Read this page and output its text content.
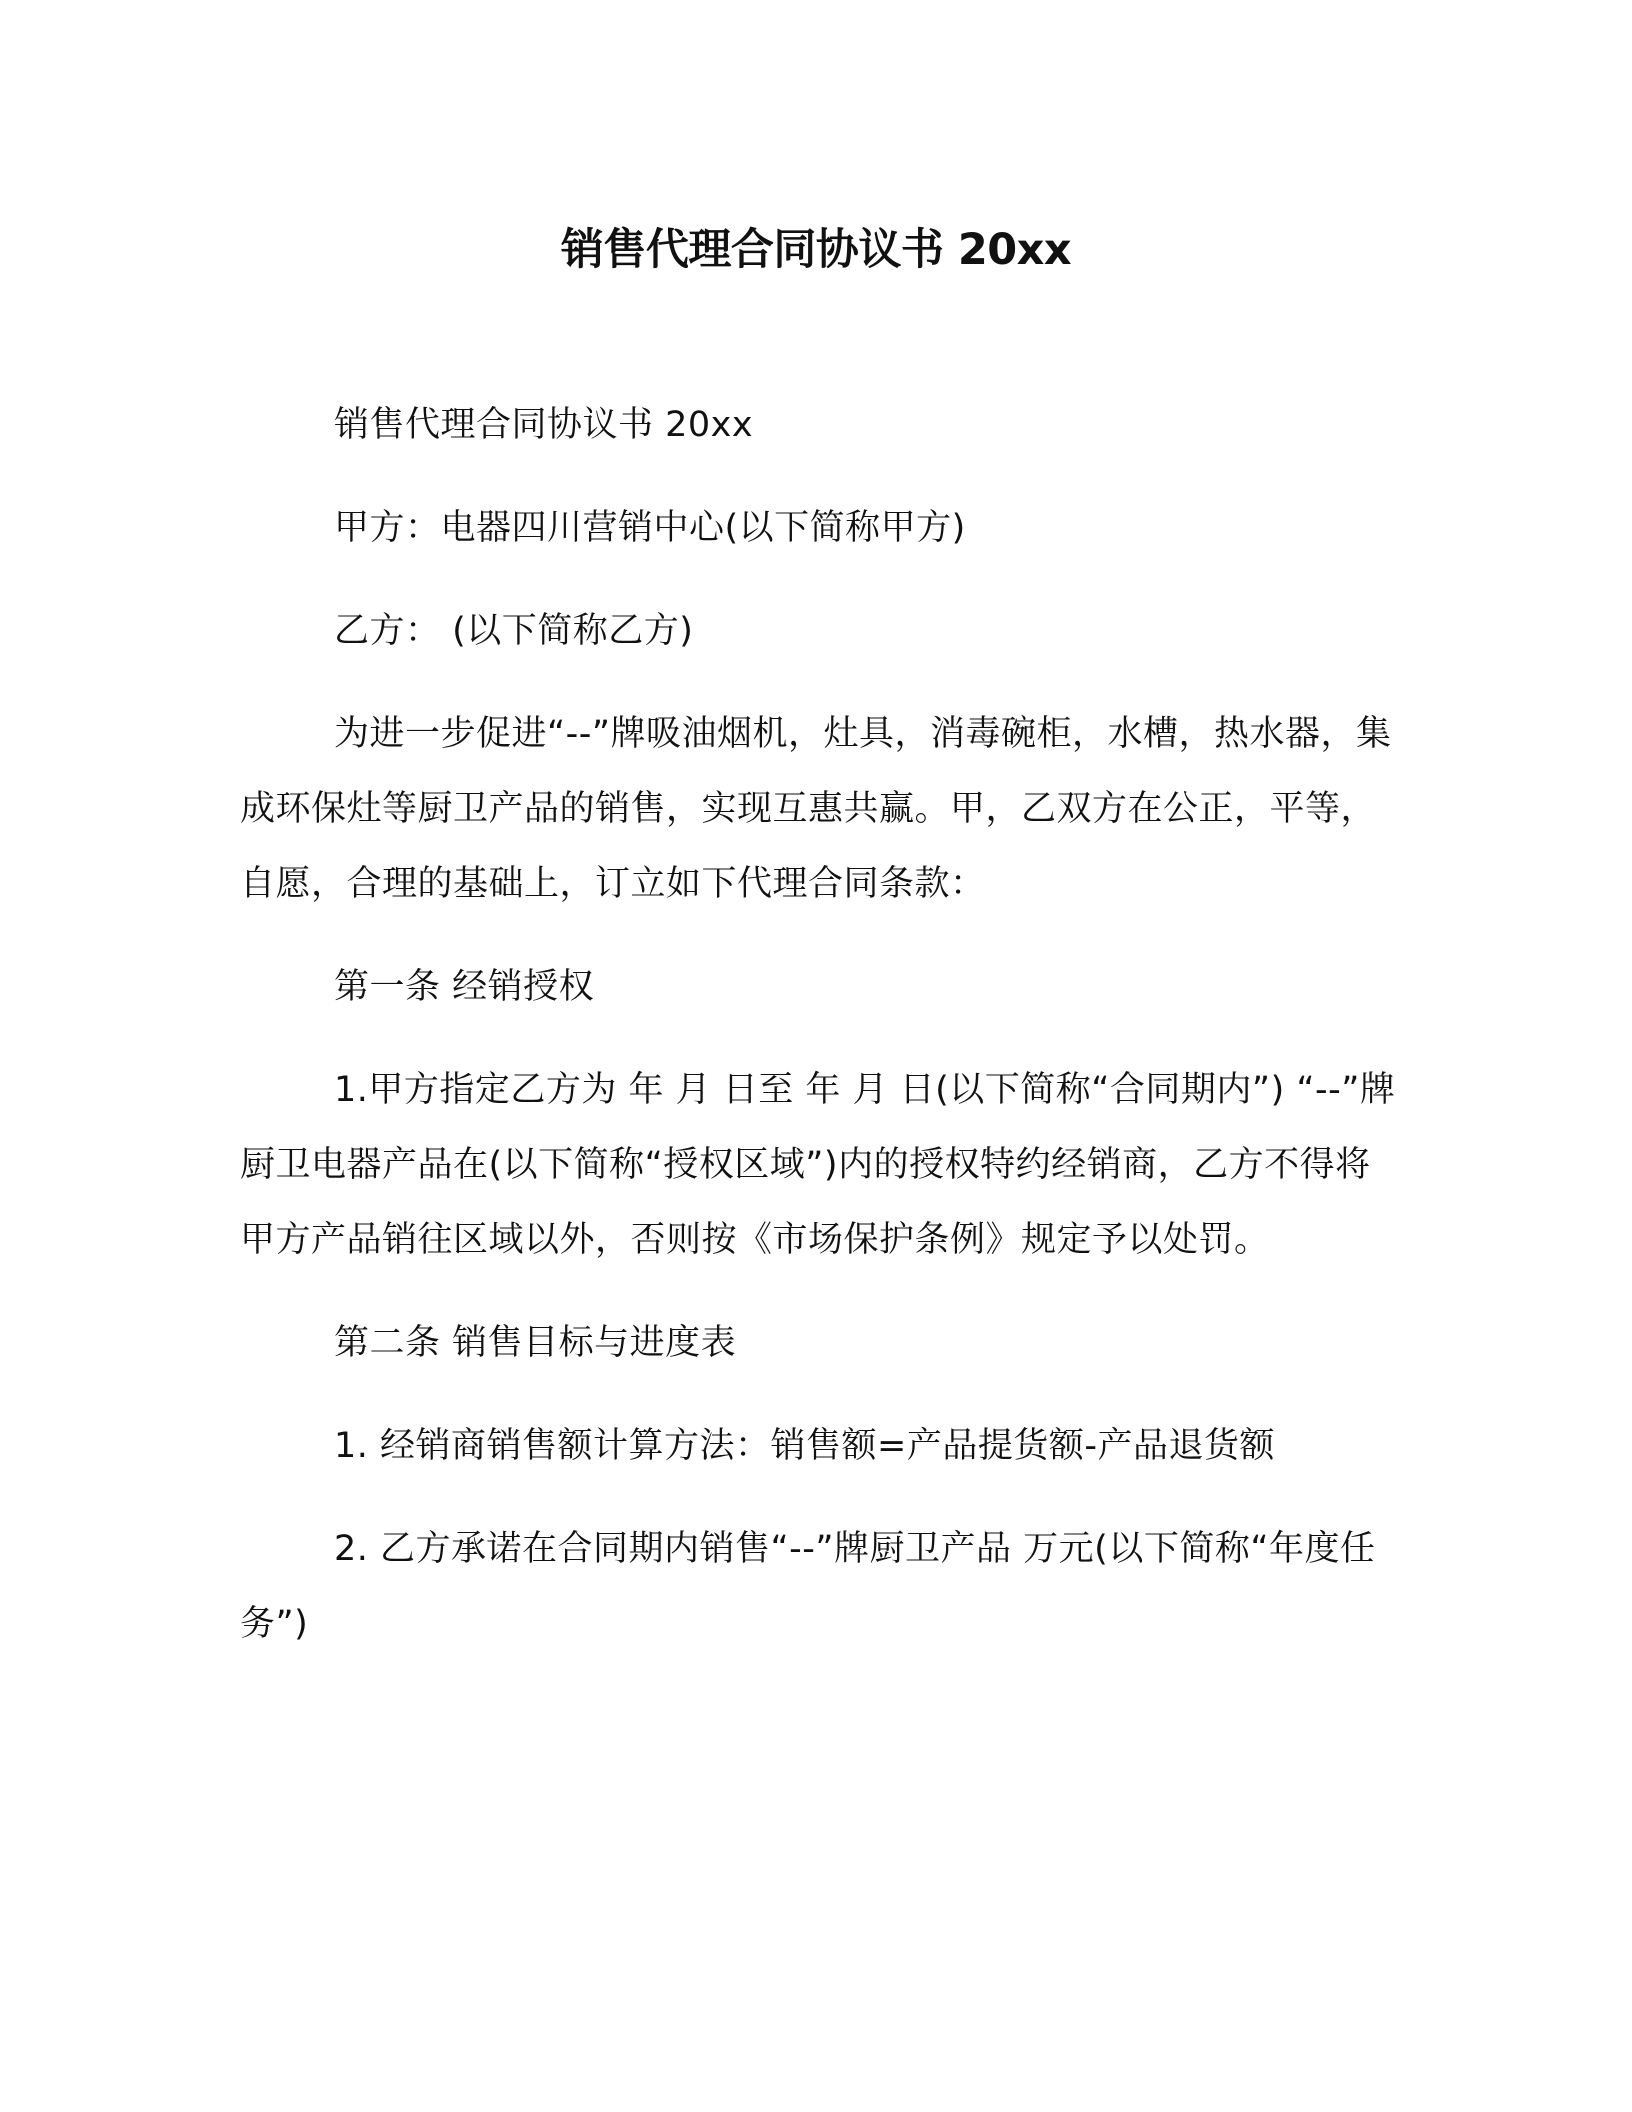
销售代理合同协议书 20xx

销售代理合同协议书 20xx

甲方：电器四川营销中心(以下简称甲方)

乙方： (以下简称乙方)

为进一步促进“--”牌吸油烟机，灶具，消毒碗柜，水槽，热水器，集成环保灶等厨卫产品的销售，实现互惠共赢。甲，乙双方在公正，平等，自愿，合理的基础上，订立如下代理合同条款：

第一条 经销授权

1.甲方指定乙方为 年 月 日至 年 月 日(以下简称“合同期内”) “--”牌厨卫电器产品在(以下简称“授权区域”)内的授权特约经销商，乙方不得将甲方产品销往区域以外，否则按《市场保护条例》规定予以处罚。

第二条 销售目标与进度表

1. 经销商销售额计算方法：销售额=产品提货额-产品退货额

2. 乙方承诺在合同期内销售“--”牌厨卫产品 万元(以下简称“年度任务”)
